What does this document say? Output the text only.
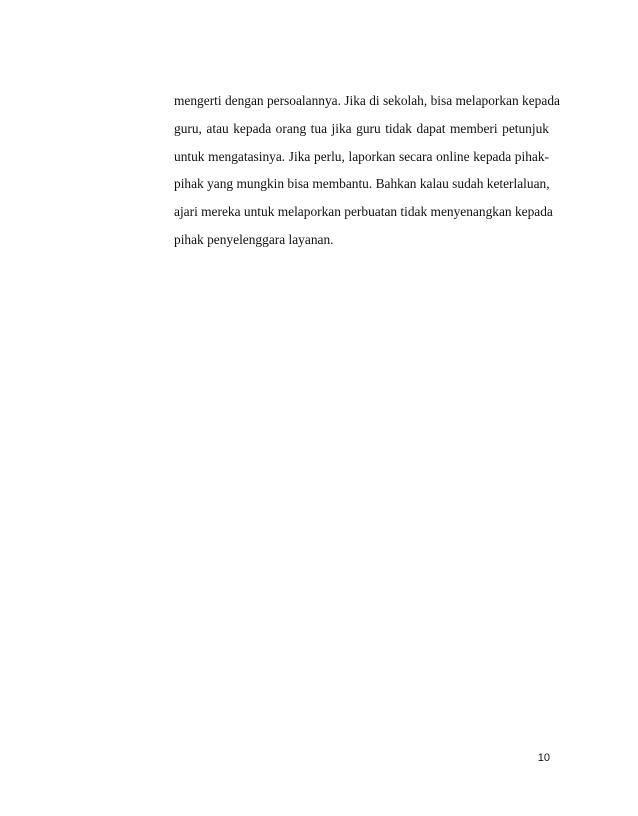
mengerti dengan persoalannya. Jika di sekolah, bisa melaporkan kepada
guru, atau kepada orang tua jika guru tidak dapat memberi petunjuk
untuk mengatasinya. Jika perlu, laporkan secara online kepada pihak-
pihak yang mungkin bisa membantu. Bahkan kalau sudah keterlaluan,
ajari mereka untuk melaporkan perbuatan tidak menyenangkan kepada
pihak penyelenggara layanan.
10
